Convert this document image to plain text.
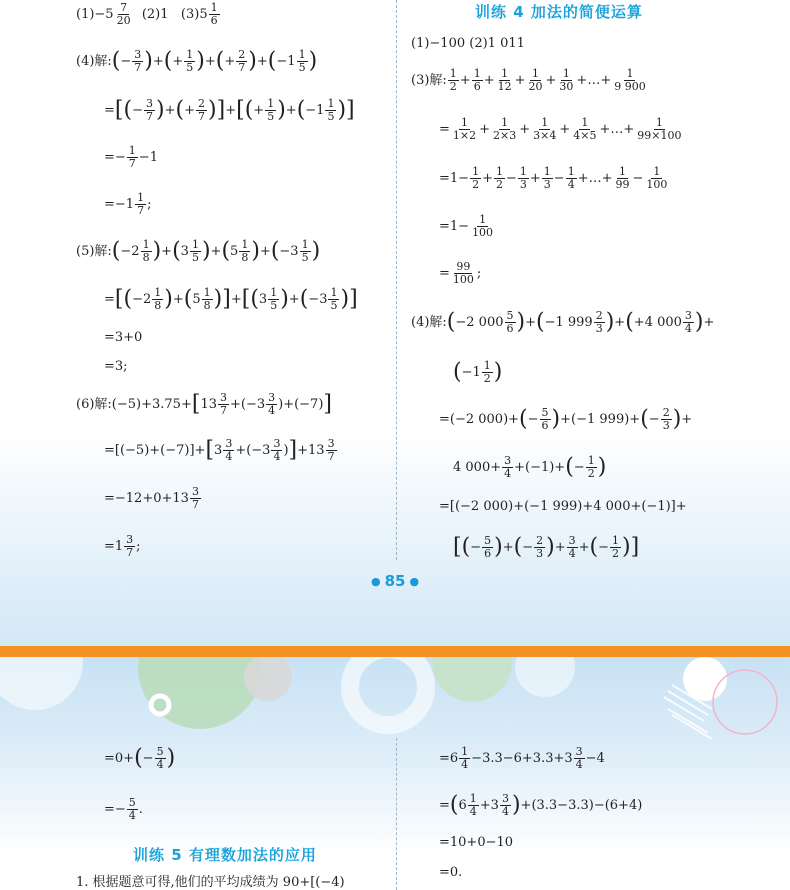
$(1)-5 \frac{7}{20} (2)1$   $(3)5 \frac{1}{6}$
(4)解:(− $\frac{3}{7}$ )+(+ $\frac{1}{5}$ )+(+ $\frac{2}{7} )+(-1 \frac{1}{5}$ )
=[(− $\frac{3}{7}$ )+(+ $\frac{2}{7}$ )]+[(+ $\frac{1}{5} )+(-1 \frac{1}{5}$ )]
=− $\frac{1}{7} -1$
$=-1 \frac{1}{7}$ ;
(5)解:(−2 $\frac{1}{8} )+(3 \frac{1}{5} )+(5 \frac{1}{8} )+(-3 \frac{1}{5}$ )
$=[(-2 \frac{1}{8} )+(5 \frac{1}{8} )]+[(3 \frac{1}{5} )+(-3 \frac{1}{5}$ )]
=3+0
=3;
(6)解:(−5)+3.75+[13 $\frac{3}{7} +(-3 \frac{3}{4} )+(-7)$]
$=[(-5)+(-7)]+[3 \frac{3}{4} +(-3 \frac{3}{4} )]+13 \frac{3}{7}$
$=-12+0+13 \frac{3}{7}$
$=1 \frac{3}{7}$ ;
训练 4 加法的简便运算
(1)−100 (2)1 011
(3)解: $\frac{1}{2} + \frac{1}{6} + \frac{1}{12} + \frac{1}{20} + \frac{1}{30}$ +…+ $\frac{1}{9 900}$
= $\frac{1}{1\times 2} + \frac{1}{2\times 3} + \frac{1}{3\times 4} + \frac{1}{4\times 5}$ +…+ $\frac{1}{99\times 100}$
$=1- \frac{1}{2} + \frac{1}{2} - \frac{1}{3} + \frac{1}{3} - \frac{1}{4}$ +…+ $\frac{1}{99} - \frac{1}{100}$
$=1- \frac{1}{100}$
= $\frac{99}{100}$ ;
(4)解:(−2 $000 \frac{5}{6} )+(-1$ $999 \frac{2}{3} )+(+4$ $000 \frac{3}{4}$ )+
($-1 \frac{1}{2}$ )
=(−2 $000)+(- \frac{5}{6} )+(-1$ $999)+(- \frac{2}{3}$ )+
4 $000+ \frac{3}{4} +(-1)+(- \frac{1}{2}$ )
=[(−2 000)+(−1 999)+4 000+(−1)]+
[(− $\frac{5}{6}$ )+(− $\frac{2}{3}$ )+ $\frac{3}{4}$ +(− $\frac{1}{2}$ )]
● 85 ●
$=0+(- \frac{5}{4}$ )
=− $\frac{5}{4}$ .
训练 5 有理数加法的应用
1. 根据题意可得,他们的平均成绩为 90+[(−4)
$=6 \frac{1}{4} -3.3-6+3.3+3 \frac{3}{4} -4$
$=(6 \frac{1}{4} +3 \frac{3}{4} )+(3.3-3.3)-(6+4)$
=10+0−10
=0.
